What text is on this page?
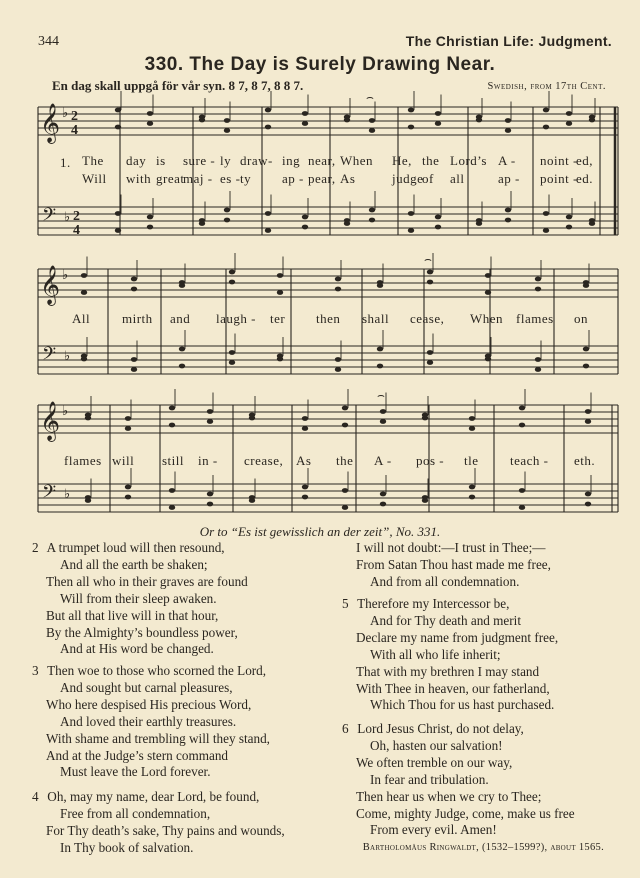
344	The Christian Life: Judgment.
330. The Day is Surely Drawing Near.
En dag skall uppgå för vår syn. 8 7, 8 7, 8 8 7.	Swedish, from 17th Cent.
𝄞 ♭ 2
4
𝄢 ♭ 2
4
⌢
𝄞 ♭
𝄢 ♭
⌢
𝄞 ♭
𝄢 ♭
⌢
1. The day is sure - ly draw- ing near, When He, the Lord’s A - noint -
ed,
Will with great
maj - es - ty ap - pear, As	judge
of all	ap - point -
ed.
All mirth and laugh - ter then shall cease, When flames on
flames will still in - crease, As the A - pos - tle teach - eth.
Or to “Es ist gewisslich an der zeit”, No. 331.
2 A trumpet loud will then resound,
And all the earth be shaken;
Then all who in their graves are found
Will from their sleep awaken.
But all that live will in that hour,
By the Almighty’s boundless power,
And at His word be changed.
3 Then woe to those who scorned the Lord,
And sought but carnal pleasures,
Who here despised His precious Word,
And loved their earthly treasures.
With shame and trembling will they stand,
And at the Judge’s stern command
Must leave the Lord forever.
4 Oh, may my name, dear Lord, be found,
Free from all condemnation,
For Thy death’s sake, Thy pains and wounds,
In Thy book of salvation.
I will not doubt:—I trust in Thee;—
From Satan Thou hast made me free,
And from all condemnation.
5 Therefore my Intercessor be,
And for Thy death and merit
Declare my name from judgment free,
With all who life inherit;
That with my brethren I may stand
With Thee in heaven, our fatherland,
Which Thou for us hast purchased.
6 Lord Jesus Christ, do not delay,
Oh, hasten our salvation!
We often tremble on our way,
In fear and tribulation.
Then hear us when we cry to Thee;
Come, mighty Judge, come, make us free
From every evil. Amen!
Bartholomäus Ringwaldt, (1532–1599?), about 1565.
